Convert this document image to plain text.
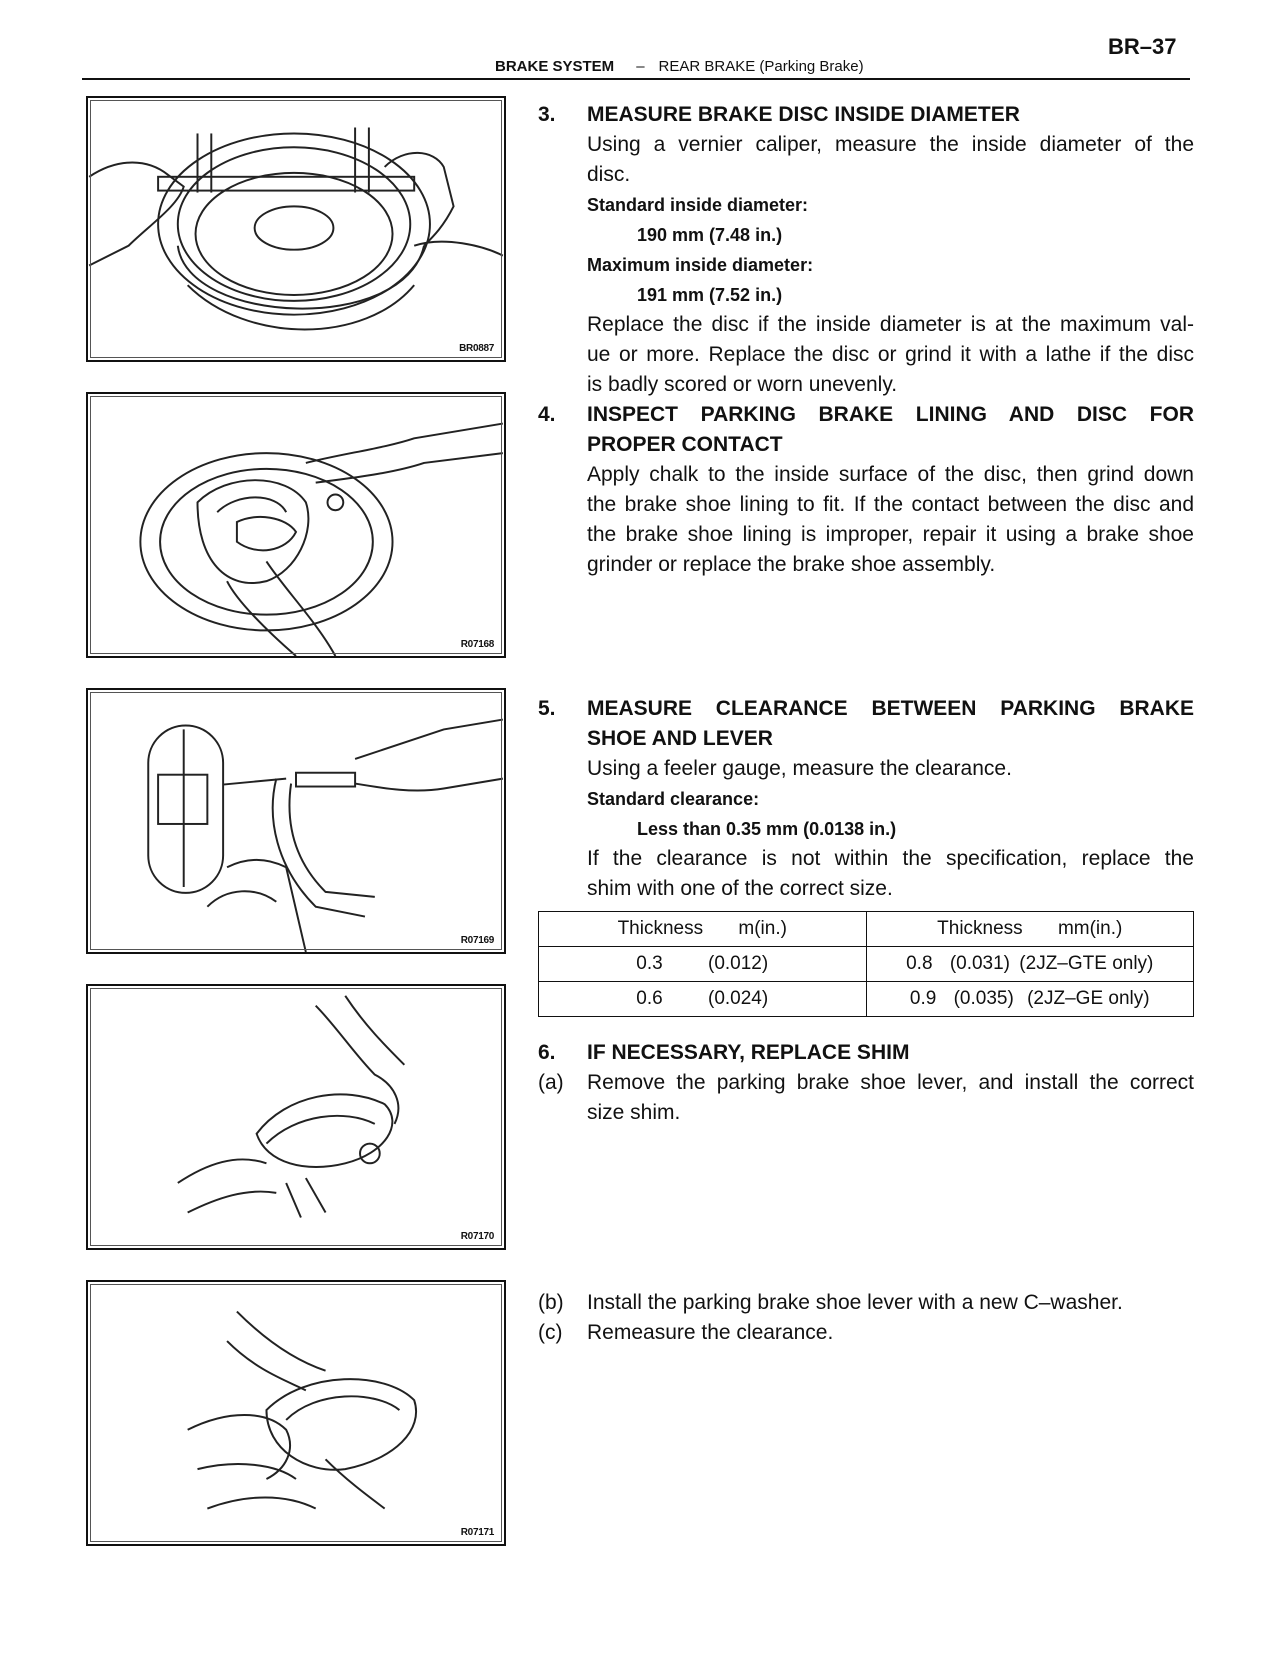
BR–37
BRAKE SYSTEM – REAR BRAKE (Parking Brake)
BR0887
R07168
R07169
R07170
R07171
3. MEASURE BRAKE DISC INSIDE DIAMETER
Using a vernier caliper, measure the inside diameter of the
disc.
Standard inside diameter:
190 mm (7.48 in.)
Maximum inside diameter:
191 mm (7.52 in.)
Replace the disc if the inside diameter is at the maximum val-
ue or more. Replace the disc or grind it with a lathe if the disc
is badly scored or worn unevenly.
4. INSPECT PARKING BRAKE LINING AND DISC FOR
PROPER CONTACT
Apply chalk to the inside surface of the disc, then grind down
the brake shoe lining to fit. If the contact between the disc and
the brake shoe lining is improper, repair it using a brake shoe
grinder or replace the brake shoe assembly.
5. MEASURE CLEARANCE BETWEEN PARKING BRAKE
SHOE AND LEVER
Using a feeler gauge, measure the clearance.
Standard clearance:
Less than 0.35 mm (0.0138 in.)
If the clearance is not within the specification, replace the
shim with one of the correct size.
Thickness m(in.)	Thickness mm(in.)
0.3 (0.012)	0.8 (0.031) (2JZ–GTE only)
0.6 (0.024)	0.9 (0.035) (2JZ–GE only)
6. IF NECESSARY, REPLACE SHIM
(a) Remove the parking brake shoe lever, and install the correct
size shim.
(b) Install the parking brake shoe lever with a new C–washer.
(c) Remeasure the clearance.
